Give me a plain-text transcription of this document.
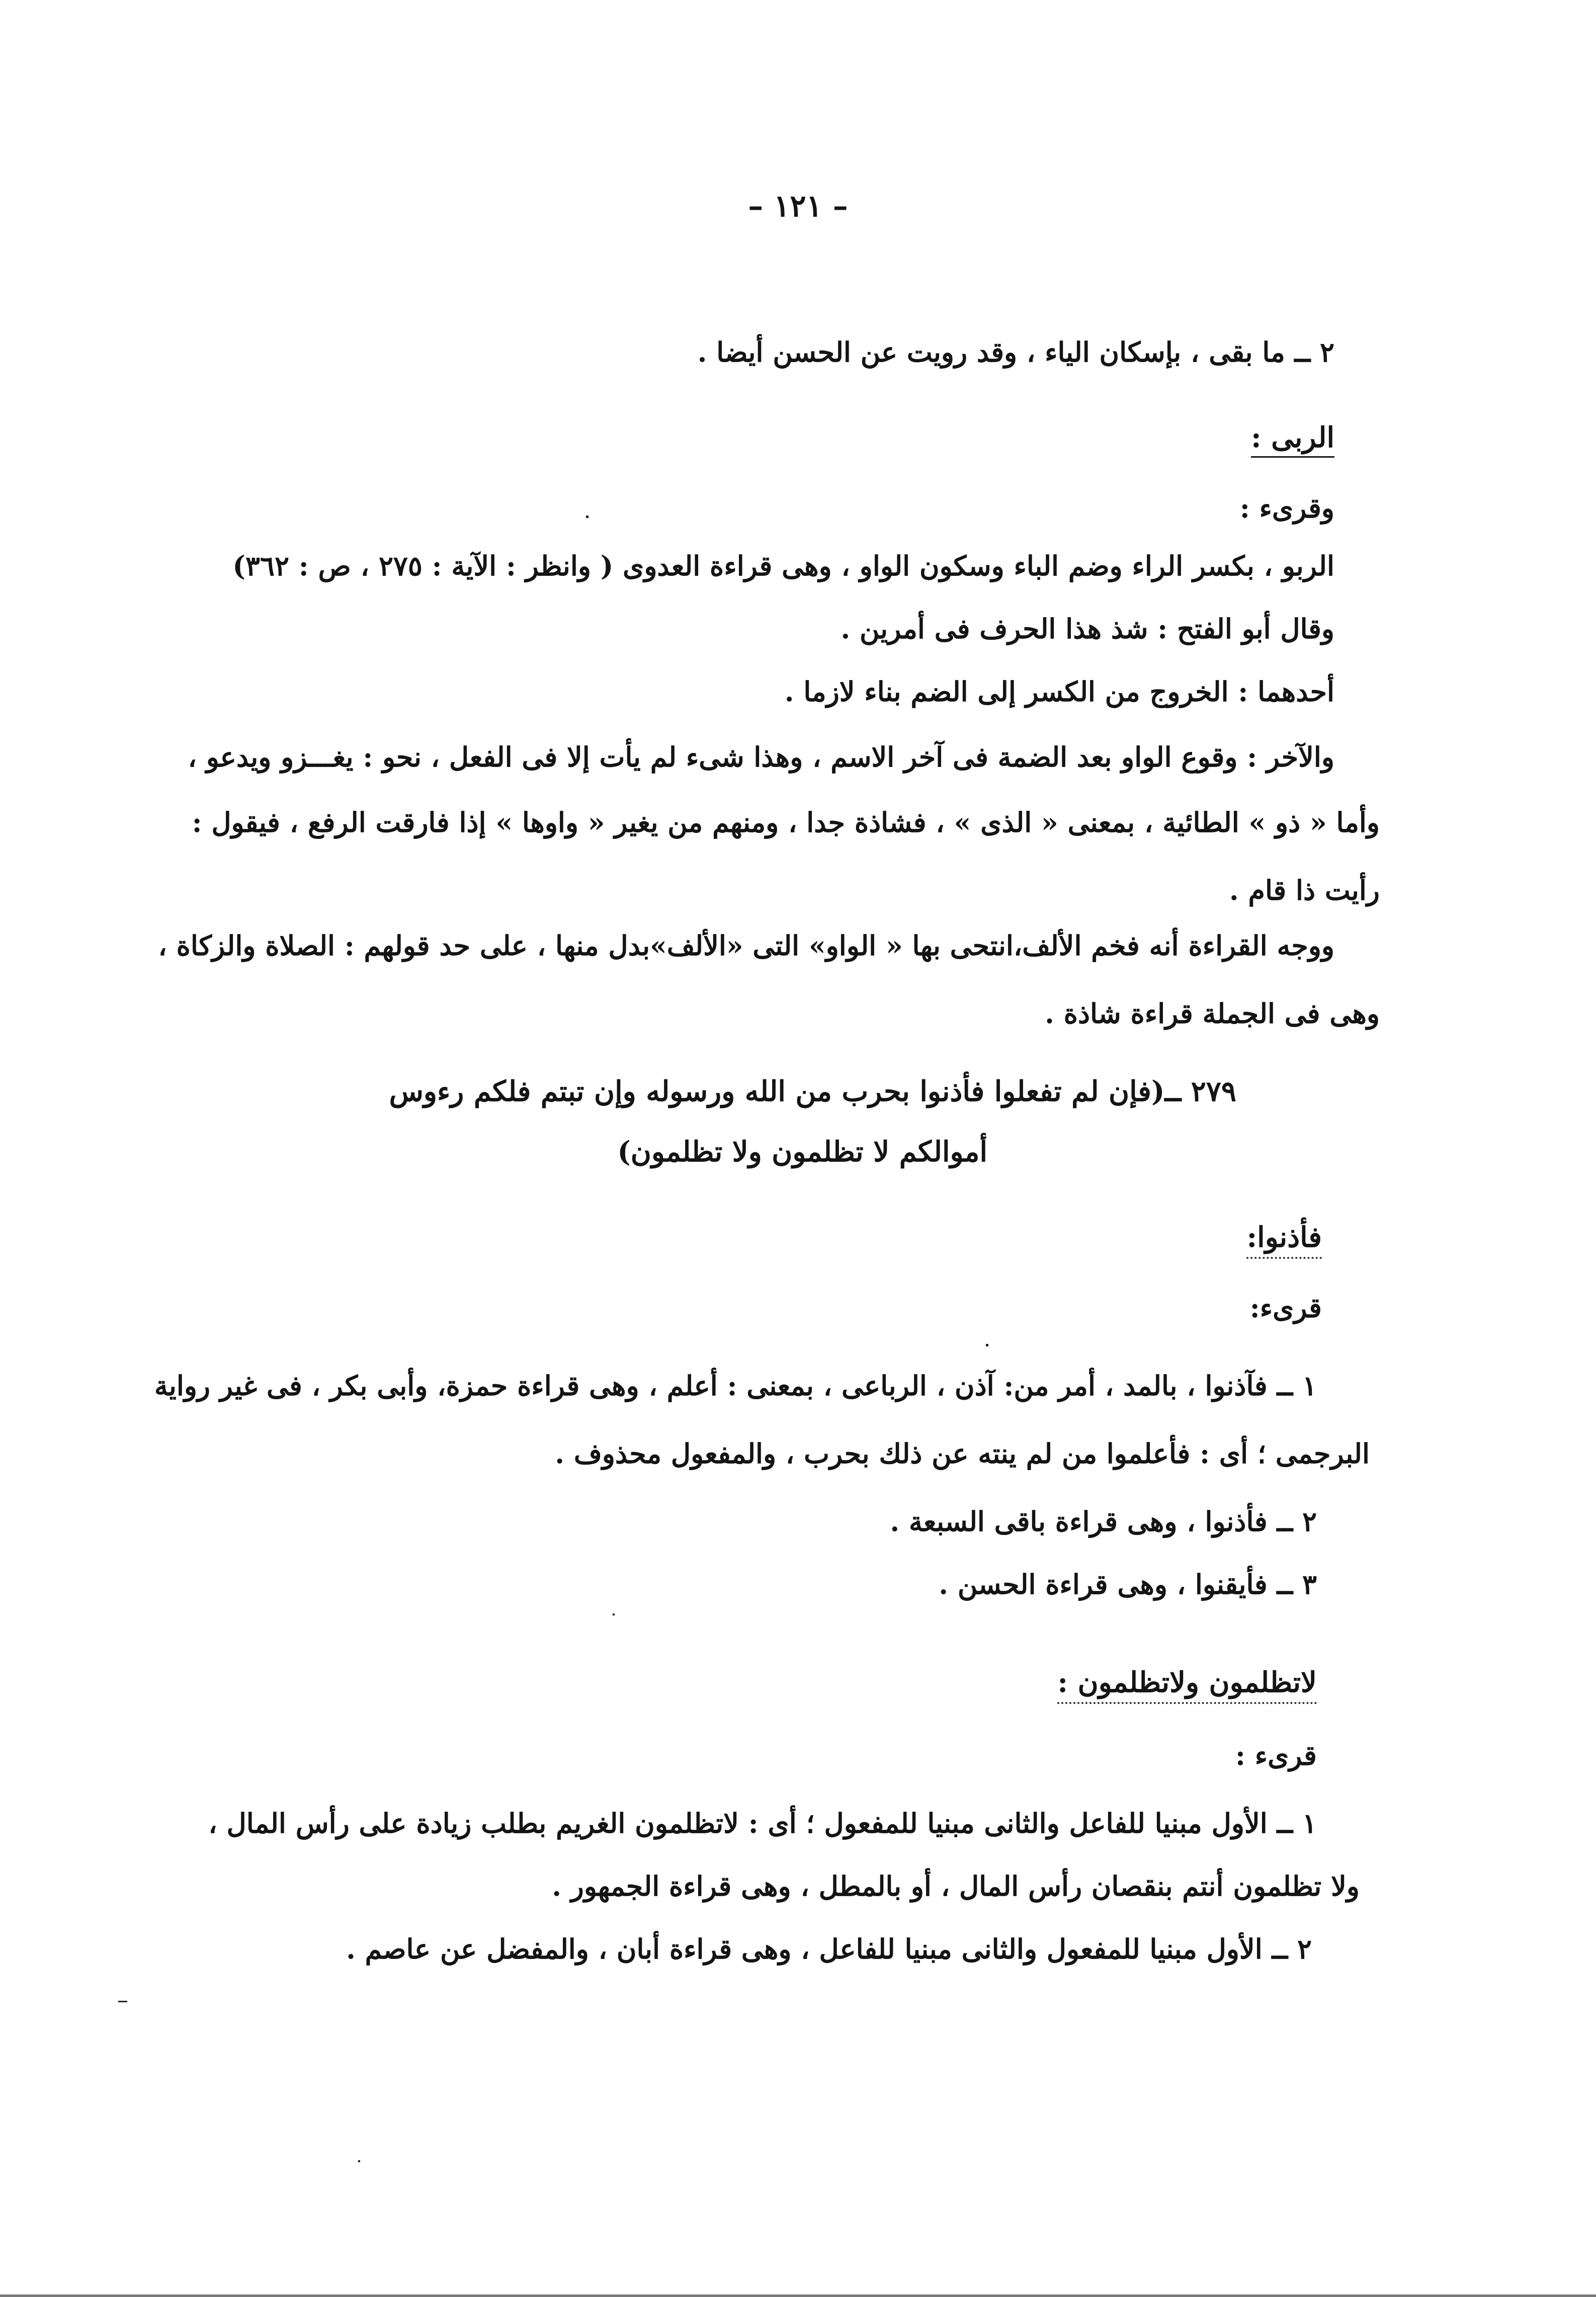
– ١٢١ –
٢ ــ ما بقى ، بإسكان الياء ، وقد رويت عن الحسن أيضا .
الربى :
وقرىء :
الربو ، بكسر الراء وضم الباء وسكون الواو ، وهى قراءة العدوى ( وانظر : الآية : ٢٧٥ ، ص : ٣٦٢)
وقال أبو الفتح : شذ هذا الحرف فى أمرين .
أحدهما : الخروج من الكسر إلى الضم بناء لازما .
والآخر : وقوع الواو بعد الضمة فى آخر الاسم ، وهذا شىء لم يأت إلا فى الفعل ، نحو : يغـــزو ويدعو ،
وأما « ذو » الطائية ، بمعنى « الذى » ، فشاذة جدا ، ومنهم من يغير « واوها » إذا فارقت الرفع ، فيقول :
رأيت ذا قام .
ووجه القراءة أنه فخم الألف،انتحى بها « الواو» التى «الألف»بدل منها ، على حد قولهم : الصلاة والزكاة ،
وهى فى الجملة قراءة شاذة .
٢٧٩ ــ(فإن لم تفعلوا فأذنوا بحرب من الله ورسوله وإن تبتم فلكم رءوس
أموالكم لا تظلمون ولا تظلمون)
فأذنوا:
قرىء:
١ ــ فآذنوا ، بالمد ، أمر من: آذن ، الرباعى ، بمعنى : أعلم ، وهى قراءة حمزة، وأبى بكر ، فى غير رواية
البرجمى ؛ أى : فأعلموا من لم ينته عن ذلك بحرب ، والمفعول محذوف .
٢ ــ فأذنوا ، وهى قراءة باقى السبعة .
٣ ــ فأيقنوا ، وهى قراءة الحسن .
لاتظلمون ولاتظلمون :
قرىء :
١ ــ الأول مبنيا للفاعل والثانى مبنيا للمفعول ؛ أى : لاتظلمون الغريم بطلب زيادة على رأس المال ،
ولا تظلمون أنتم بنقصان رأس المال ، أو بالمطل ، وهى قراءة الجمهور .
٢ ــ الأول مبنيا للمفعول والثانى مبنيا للفاعل ، وهى قراءة أبان ، والمفضل عن عاصم .
